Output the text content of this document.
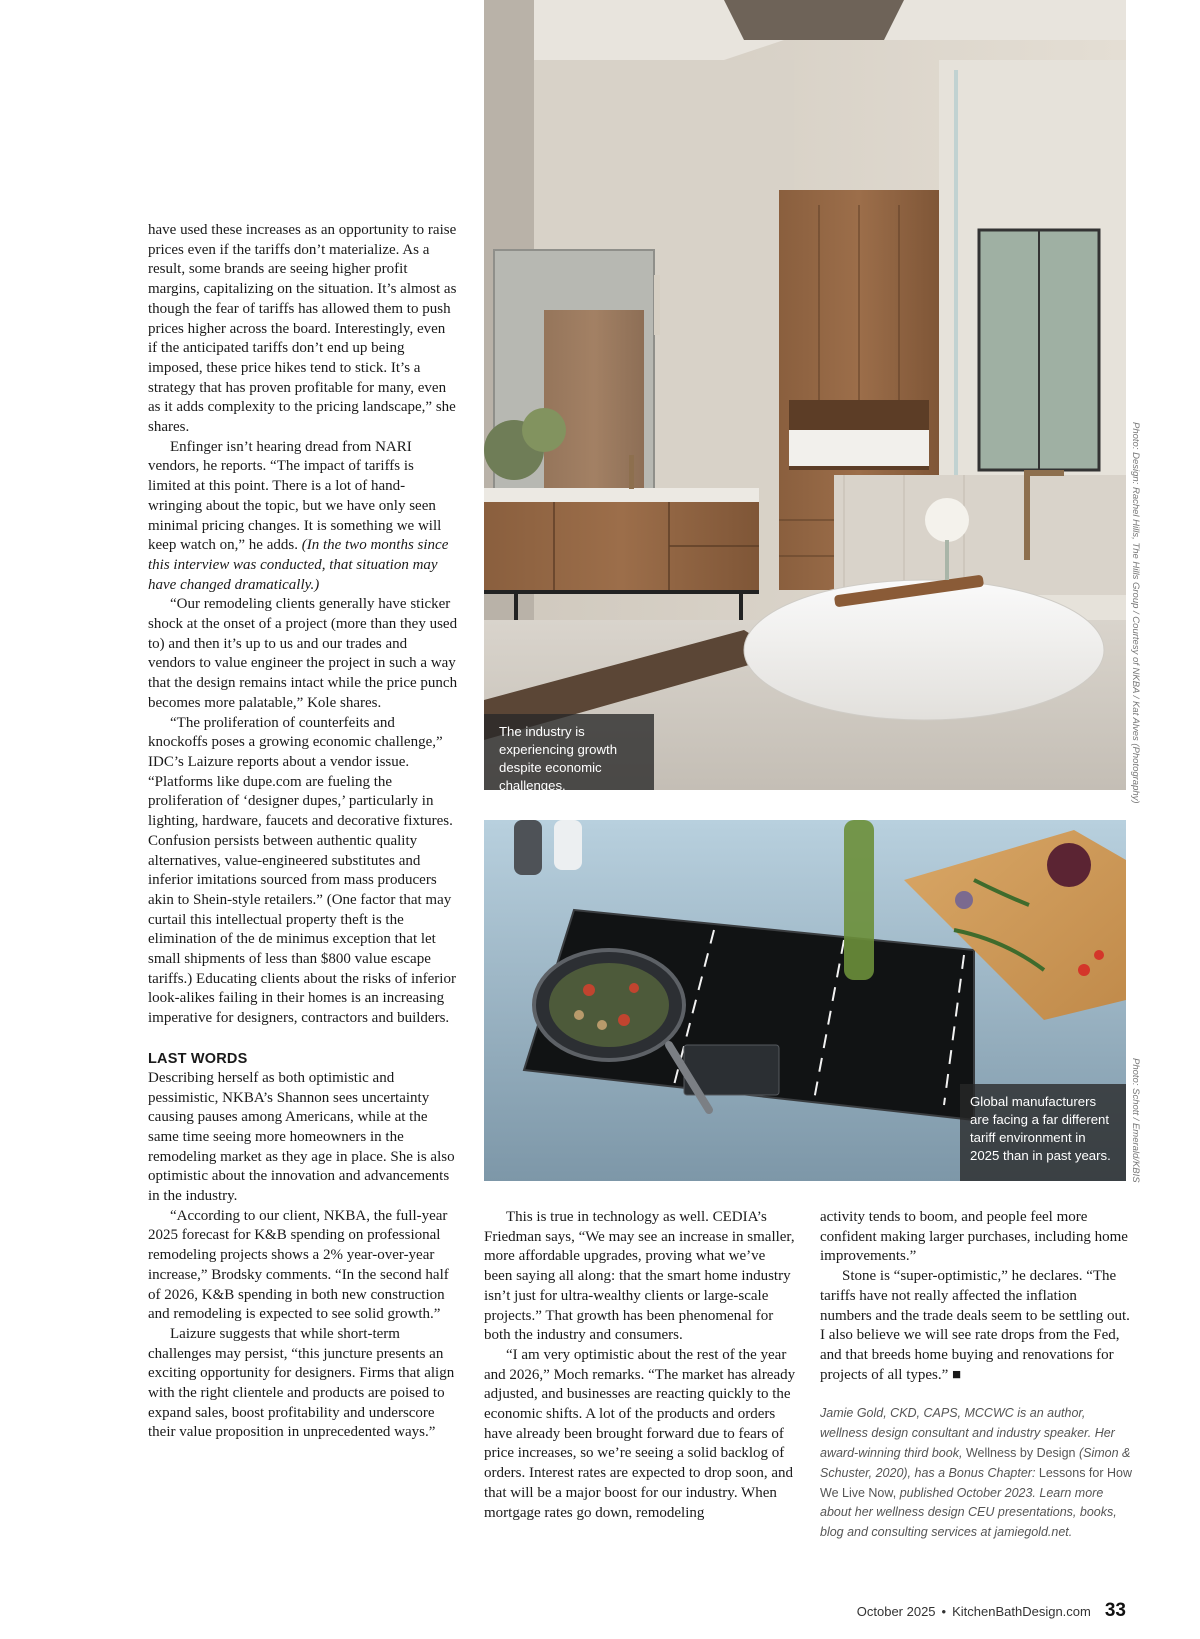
have used these increases as an opportunity to raise prices even if the tariffs don’t materialize. As a result, some brands are seeing higher profit margins, capitalizing on the situation. It’s almost as though the fear of tariffs has allowed them to push prices higher across the board. Interestingly, even if the anticipated tariffs don’t end up being imposed, these price hikes tend to stick. It’s a strategy that has proven profitable for many, even as it adds complexity to the pricing landscape,” she shares.

Enfinger isn’t hearing dread from NARI vendors, he reports. “The impact of tariffs is limited at this point. There is a lot of hand-wringing about the topic, but we have only seen minimal pricing changes. It is something we will keep watch on,” he adds. (In the two months since this interview was conducted, that situation may have changed dramatically.)

“Our remodeling clients generally have sticker shock at the onset of a project (more than they used to) and then it’s up to us and our trades and vendors to value engineer the project in such a way that the design remains intact while the price punch becomes more palatable,” Kole shares.

“The proliferation of counterfeits and knockoffs poses a growing economic challenge,” IDC’s Laizure reports about a vendor issue. “Platforms like dupe.com are fueling the proliferation of ‘designer dupes,’ particularly in lighting, hardware, faucets and decorative fixtures. Confusion persists between authentic quality alternatives, value-engineered substitutes and inferior imitations sourced from mass producers akin to Shein-style retailers.” (One factor that may curtail this intellectual property theft is the elimination of the de minimus exception that let small shipments of less than $800 value escape tariffs.) Educating clients about the risks of inferior look-alikes failing in their homes is an increasing imperative for designers, contractors and builders.

LAST WORDS

Describing herself as both optimistic and pessimistic, NKBA’s Shannon sees uncertainty causing pauses among Americans, while at the same time seeing more homeowners in the remodeling market as they age in place. She is also optimistic about the innovation and advancements in the industry.

“According to our client, NKBA, the full-year 2025 forecast for K&B spending on professional remodeling projects shows a 2% year-over-year increase,” Brodsky comments. “In the second half of 2026, K&B spending in both new construction and remodeling is expected to see solid growth.”

Laizure suggests that while short-term challenges may persist, “this juncture presents an exciting opportunity for designers. Firms that align with the right clientele and products are poised to expand sales, boost profitability and underscore their value proposition in unprecedented ways.”

The industry is experiencing growth despite economic challenges.	Photo: Design: Rachel Hills, The Hills Group / Courtesy of NKBA / Kat Alves (Photography)
Global manufacturers are facing a far different tariff environment in 2025 than in past years.	Photo: Schott / Emerald/KBIS

This is true in technology as well. CEDIA’s Friedman says, “We may see an increase in smaller, more affordable upgrades, proving what we’ve been saying all along: that the smart home industry isn’t just for ultra-wealthy clients or large-scale projects.” That growth has been phenomenal for both the industry and consumers.

“I am very optimistic about the rest of the year and 2026,” Moch remarks. “The market has already adjusted, and businesses are reacting quickly to the economic shifts. A lot of the products and orders have already been brought forward due to fears of price increases, so we’re seeing a solid backlog of orders. Interest rates are expected to drop soon, and that will be a major boost for our industry. When mortgage rates go down, remodeling

activity tends to boom, and people feel more confident making larger purchases, including home improvements.”

Stone is “super-optimistic,” he declares. “The tariffs have not really affected the inflation numbers and the trade deals seem to be settling out. I also believe we will see rate drops from the Fed, and that breeds home buying and renovations for projects of all types.” ■

Jamie Gold, CKD, CAPS, MCCWC is an author, wellness design consultant and industry speaker. Her award-winning third book, Wellness by Design (Simon & Schuster, 2020), has a Bonus Chapter: Lessons for How We Live Now, published October 2023. Learn more about her wellness design CEU presentations, books, blog and consulting services at jamiegold.net.

October 2025 • KitchenBathDesign.com 33
